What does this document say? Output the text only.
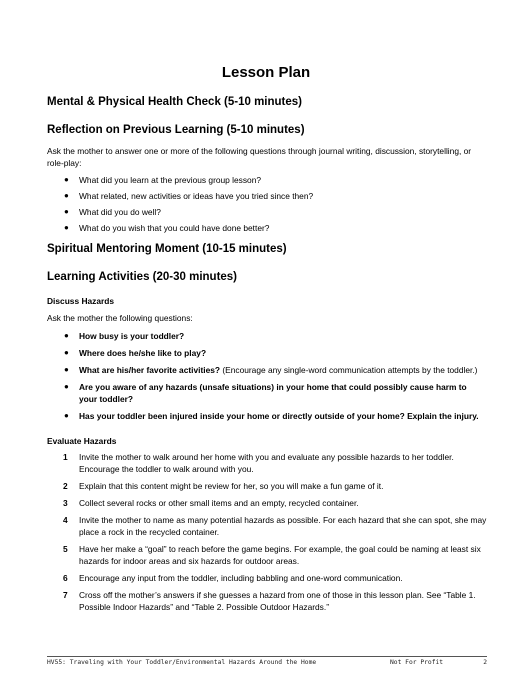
Lesson Plan
Mental & Physical Health Check (5-10 minutes)
Reflection on Previous Learning (5-10 minutes)
Ask the mother to answer one or more of the following questions through journal writing, discussion, storytelling, or role-play:
● What did you learn at the previous group lesson?
● What related, new activities or ideas have you tried since then?
● What did you do well?
● What do you wish that you could have done better?
Spiritual Mentoring Moment (10-15 minutes)
Learning Activities (20-30 minutes)
Discuss Hazards
Ask the mother the following questions:
● How busy is your toddler?
● Where does he/she like to play?
● What are his/her favorite activities? (Encourage any single-word communication attempts by the toddler.)
● Are you aware of any hazards (unsafe situations) in your home that could possibly cause harm to your toddler?
● Has your toddler been injured inside your home or directly outside of your home? Explain the injury.
Evaluate Hazards
1 Invite the mother to walk around her home with you and evaluate any possible hazards to her toddler. Encourage the toddler to walk around with you.
2 Explain that this content might be review for her, so you will make a fun game of it.
3 Collect several rocks or other small items and an empty, recycled container.
4 Invite the mother to name as many potential hazards as possible. For each hazard that she can spot, she may place a rock in the recycled container.
5 Have her make a “goal” to reach before the game begins. For example, the goal could be naming at least six hazards for indoor areas and six hazards for outdoor areas.
6 Encourage any input from the toddler, including babbling and one-word communication.
7 Cross off the mother’s answers if she guesses a hazard from one of those in this lesson plan. See “Table 1. Possible Indoor Hazards” and “Table 2. Possible Outdoor Hazards.”
HV55: Traveling with Your Toddler/Environmental Hazards Around the Home	Not For Profit	2
